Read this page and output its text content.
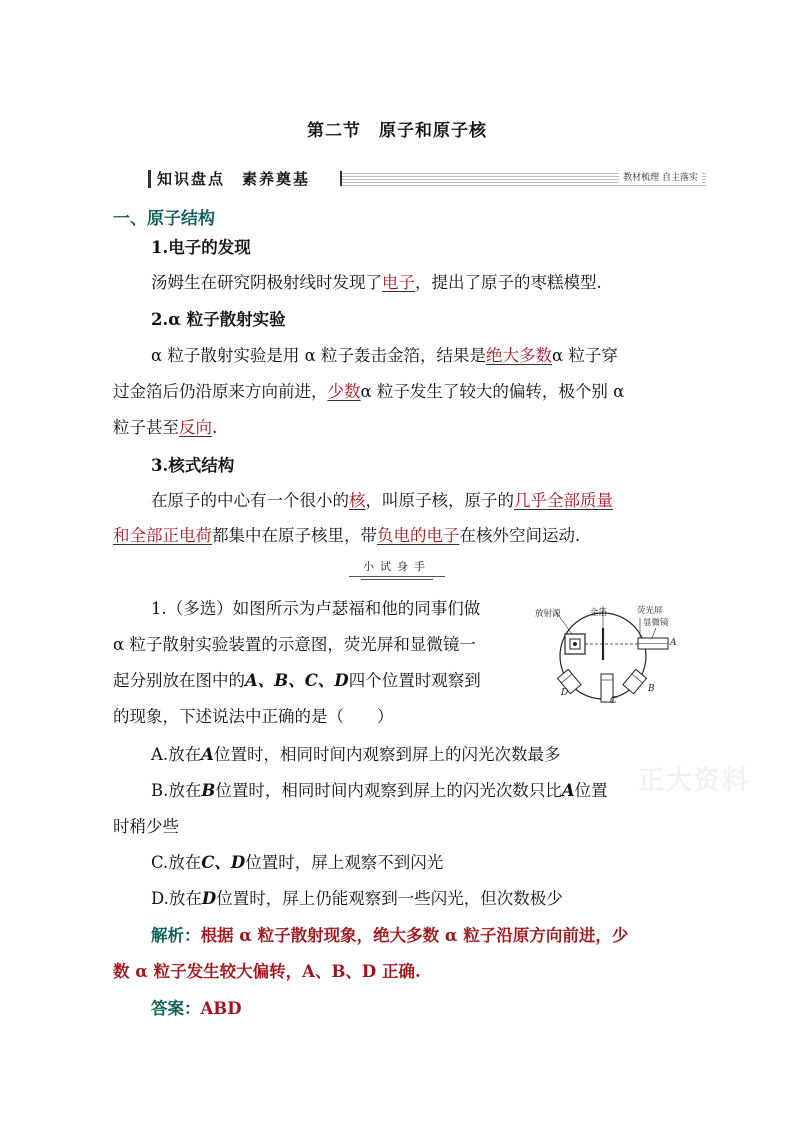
第二节　原子和原子核
知识盘点　素养奠基	教材梳理 自主落实
一、原子结构
1.电子的发现
汤姆生在研究阴极射线时发现了电子，提出了原子的枣糕模型.
2.α 粒子散射实验
α 粒子散射实验是用 α 粒子轰击金箔，结果是绝大多数α 粒子穿
过金箔后仍沿原来方向前进，少数α 粒子发生了较大的偏转，极个别 α
粒子甚至反向.
3.核式结构
在原子的中心有一个很小的核，叫原子核，原子的几乎全部质量
和全部正电荷都集中在原子核里，带负电的电子在核外空间运动.
小试身手
1.（多选）如图所示为卢瑟福和他的同事们做
α 粒子散射实验装置的示意图，荧光屏和显微镜一
起分别放在图中的A、B、C、D四个位置时观察到
的现象，下述说法中正确的是（　　）
放射源	金箔	荧光屏
显微镜
A
B
C
D
A.放在A位置时，相同时间内观察到屏上的闪光次数最多
B.放在B位置时，相同时间内观察到屏上的闪光次数只比A位置
时稍少些
C.放在C、D位置时，屏上观察不到闪光
D.放在D位置时，屏上仍能观察到一些闪光，但次数极少
解析：根据 α 粒子散射现象，绝大多数 α 粒子沿原方向前进，少
数 α 粒子发生较大偏转，A、B、D 正确.
答案：ABD
正大资料
